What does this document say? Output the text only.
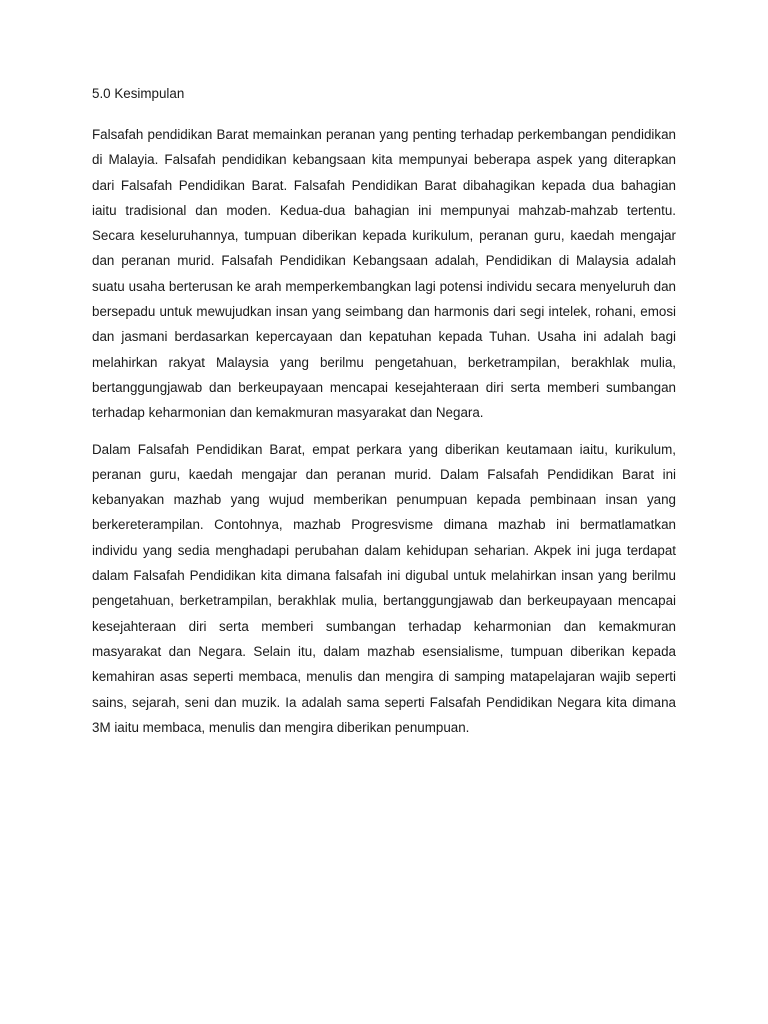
5.0 Kesimpulan

Falsafah pendidikan Barat memainkan peranan yang penting terhadap perkembangan pendidikan di Malayia. Falsafah pendidikan kebangsaan kita mempunyai beberapa aspek yang diterapkan dari Falsafah Pendidikan Barat. Falsafah Pendidikan Barat dibahagikan kepada dua bahagian iaitu tradisional dan moden. Kedua-dua bahagian ini mempunyai mahzab-mahzab tertentu. Secara keseluruhannya, tumpuan diberikan kepada kurikulum, peranan guru, kaedah mengajar dan peranan murid. Falsafah Pendidikan Kebangsaan adalah, Pendidikan di Malaysia adalah suatu usaha berterusan ke arah memperkembangkan lagi potensi individu secara menyeluruh dan bersepadu untuk mewujudkan insan yang seimbang dan harmonis dari segi intelek, rohani, emosi dan jasmani berdasarkan kepercayaan dan kepatuhan kepada Tuhan. Usaha ini adalah bagi melahirkan rakyat Malaysia yang berilmu pengetahuan, berketrampilan, berakhlak mulia, bertanggungjawab dan berkeupayaan mencapai kesejahteraan diri serta memberi sumbangan terhadap keharmonian dan kemakmuran masyarakat dan Negara.

Dalam Falsafah Pendidikan Barat, empat perkara yang diberikan keutamaan iaitu, kurikulum, peranan guru, kaedah mengajar dan peranan murid. Dalam Falsafah Pendidikan Barat ini kebanyakan mazhab yang wujud memberikan penumpuan kepada pembinaan insan yang berkereterampilan. Contohnya, mazhab Progresvisme dimana mazhab ini bermatlamatkan individu yang sedia menghadapi perubahan dalam kehidupan seharian. Akpek ini juga terdapat dalam Falsafah Pendidikan kita dimana falsafah ini digubal untuk melahirkan insan yang berilmu pengetahuan, berketrampilan, berakhlak mulia, bertanggungjawab dan berkeupayaan mencapai kesejahteraan diri serta memberi sumbangan terhadap keharmonian dan kemakmuran masyarakat dan Negara. Selain itu, dalam mazhab esensialisme, tumpuan diberikan kepada kemahiran asas seperti membaca, menulis dan mengira di samping matapelajaran wajib seperti sains, sejarah, seni dan muzik. Ia adalah sama seperti Falsafah Pendidikan Negara kita dimana 3M iaitu membaca, menulis dan mengira diberikan penumpuan.
